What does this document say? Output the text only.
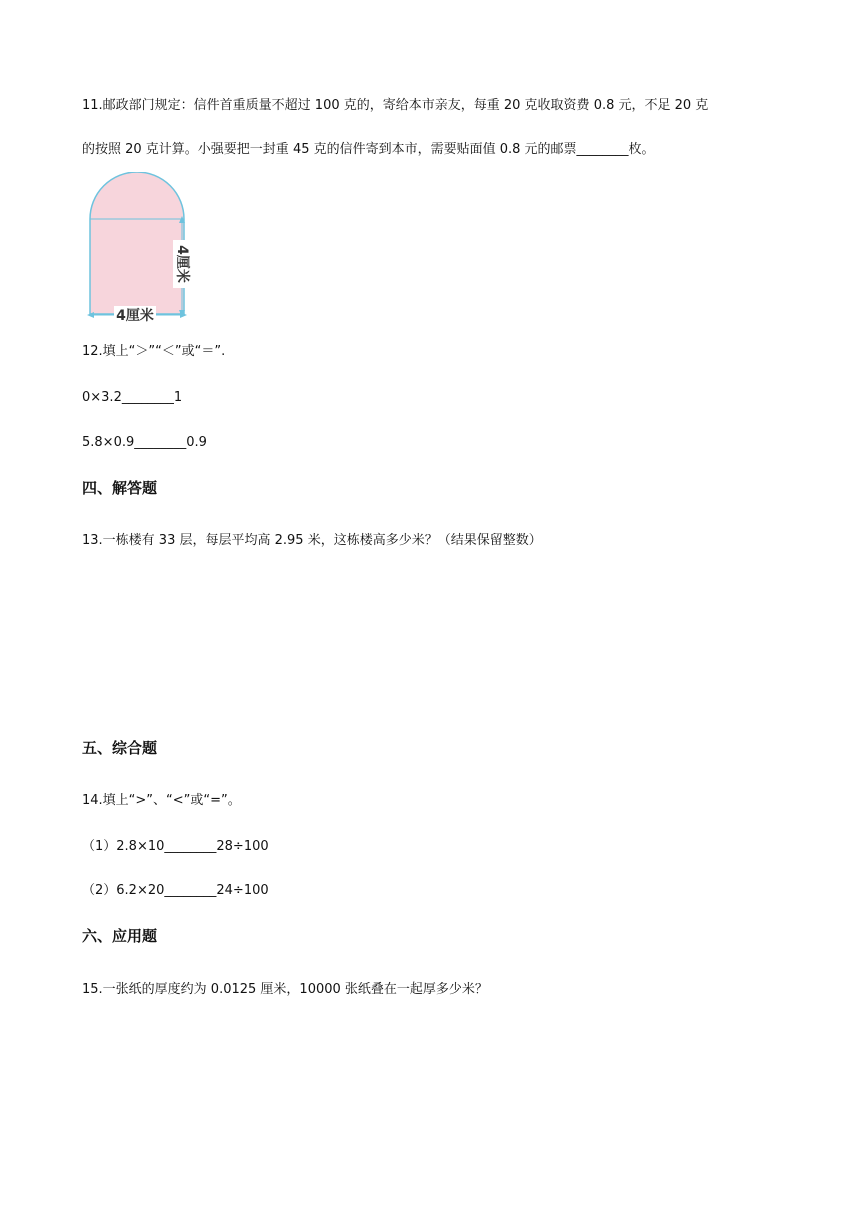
11.邮政部门规定：信件首重质量不超过 100 克的，寄给本市亲友，每重 20 克收取资费 0.8 元，不足 20 克
的按照 20 克计算。小强要把一封重 45 克的信件寄到本市，需要贴面值 0.8 元的邮票________枚。
4厘米
4厘米
12.填上“＞”“＜”或“＝”.
0×3.2________1
5.8×0.9________0.9
四、解答题
13.一栋楼有 33 层，每层平均高 2.95 米，这栋楼高多少米？（结果保留整数）
五、综合题
14.填上“>”、“<”或“=”。
（1）2.8×10________28÷100
（2）6.2×20________24÷100
六、应用题
15.一张纸的厚度约为 0.0125 厘米，10000 张纸叠在一起厚多少米？
